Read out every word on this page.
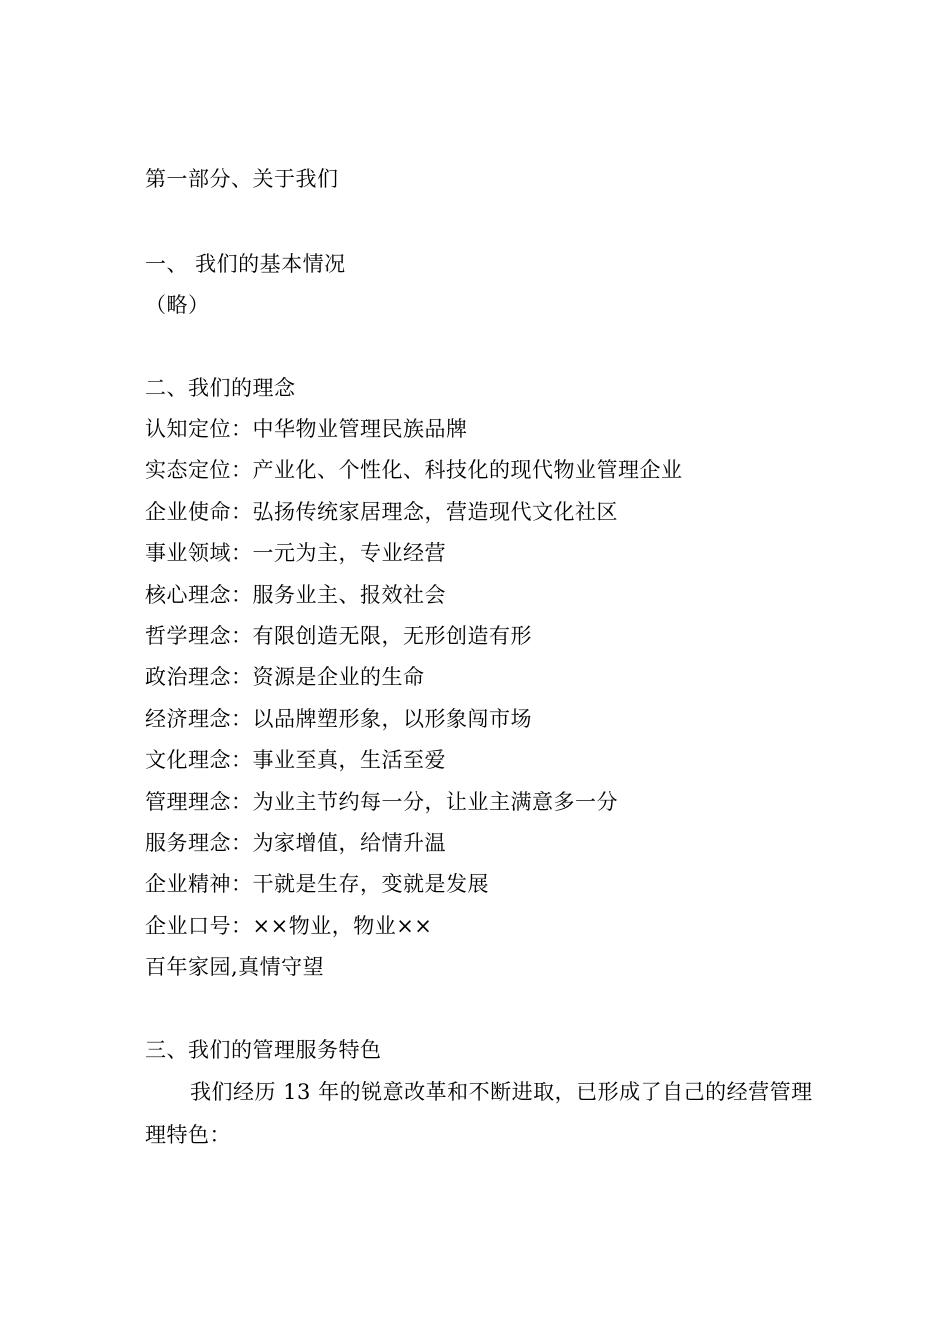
第一部分、关于我们
一、 我们的基本情况
（略）
二、我们的理念
认知定位：中华物业管理民族品牌
实态定位：产业化、个性化、科技化的现代物业管理企业
企业使命：弘扬传统家居理念，营造现代文化社区
事业领域：一元为主，专业经营
核心理念：服务业主、报效社会
哲学理念：有限创造无限，无形创造有形
政治理念：资源是企业的生命
经济理念：以品牌塑形象，以形象闯市场
文化理念：事业至真，生活至爱
管理理念：为业主节约每一分，让业主满意多一分
服务理念：为家增值，给情升温
企业精神：干就是生存，变就是发展
企业口号：××物业，物业××
百年家园,真情守望
三、我们的管理服务特色
我们经历 13 年的锐意改革和不断进取，已形成了自己的经营管理
理特色：
